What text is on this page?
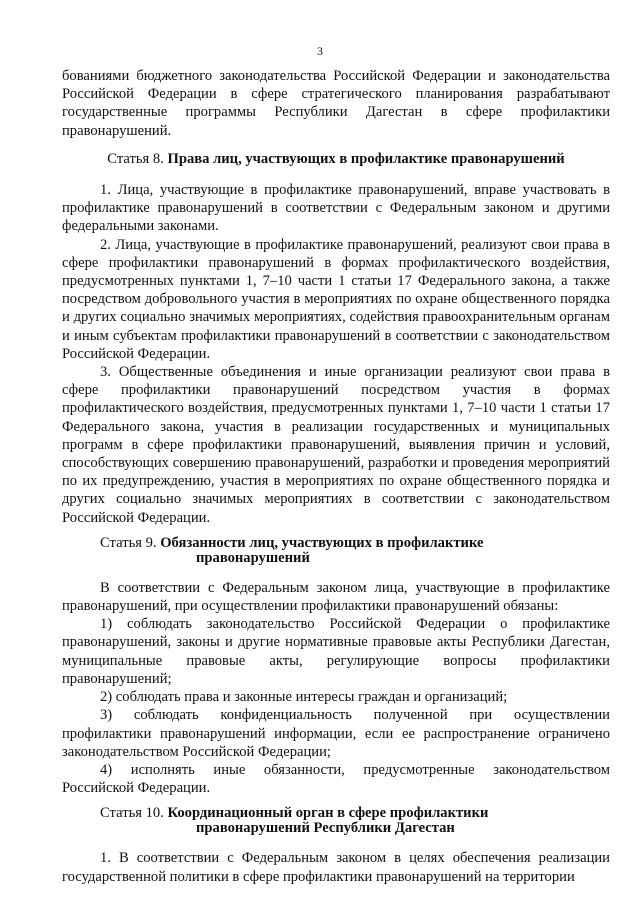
3

бованиями бюджетного законодательства Российской Федерации и законодательства Российской Федерации в сфере стратегического планирования разрабатывают государственные программы Республики Дагестан в сфере профилактики правонарушений.

Статья 8. Права лиц, участвующих в профилактике правонарушений

1. Лица, участвующие в профилактике правонарушений, вправе участвовать в профилактике правонарушений в соответствии с Федеральным законом и другими федеральными законами.

2. Лица, участвующие в профилактике правонарушений, реализуют свои права в сфере профилактики правонарушений в формах профилактического воздействия, предусмотренных пунктами 1, 7–10 части 1 статьи 17 Федерального закона, а также посредством добровольного участия в мероприятиях по охране общественного порядка и других социально значимых мероприятиях, содействия правоохранительным органам и иным субъектам профилактики правонарушений в соответствии с законодательством Российской Федерации.

3. Общественные объединения и иные организации реализуют свои права в сфере профилактики правонарушений посредством участия в формах профилактического воздействия, предусмотренных пунктами 1, 7–10 части 1 статьи 17 Федерального закона, участия в реализации государственных и муниципальных программ в сфере профилактики правонарушений, выявления причин и условий, способствующих совершению правонарушений, разработки и проведения мероприятий по их предупреждению, участия в мероприятиях по охране общественного порядка и других социально значимых мероприятиях в соответствии с законодательством Российской Федерации.

Статья 9. Обязанности лиц, участвующих в профилактике
правонарушений

В соответствии с Федеральным законом лица, участвующие в профилактике правонарушений, при осуществлении профилактики правонарушений обязаны:

1) соблюдать законодательство Российской Федерации о профилактике правонарушений, законы и другие нормативные правовые акты Республики Дагестан, муниципальные правовые акты, регулирующие вопросы профилактики правонарушений;

2) соблюдать права и законные интересы граждан и организаций;

3) соблюдать конфиденциальность полученной при осуществлении профилактики правонарушений информации, если ее распространение ограничено законодательством Российской Федерации;

4) исполнять иные обязанности, предусмотренные законодательством Российской Федерации.

Статья 10. Координационный орган в сфере профилактики
правонарушений Республики Дагестан

1. В соответствии с Федеральным законом в целях обеспечения реализации государственной политики в сфере профилактики правонарушений на территории
